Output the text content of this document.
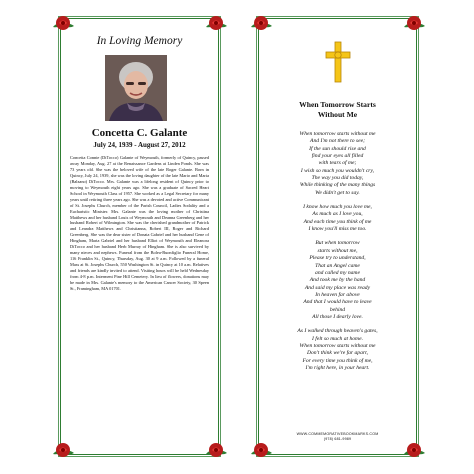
In Loving Memory
Concetta C. Galante
July 24, 1939 - August 27, 2012
Concetta Connie (DiTocco) Galante of Weymouth, formerly of Quincy, passed away Monday, Aug. 27 at the Renaissance Gardens at Linden Ponds. She was 73 years old. She was the beloved wife of the late Roger Galante. Born in Quincy, July 24, 1939, she was the loving daughter of the late Mario and Maria (Balzano) DiTocco. Mrs. Galante was a lifelong resident of Quincy prior to moving to Weymouth eight years ago. She was a graduate of Sacred Heart School in Weymouth Class of 1957. She worked as a Legal Secretary for many years until retiring three years ago. She was a devoted and active Communicant of St. Josephs Church, member of the Parish Council, Ladies Sodality and a Eucharistic Minister. Mrs. Galante was the loving mother of Christina Matthews and her husband Louis of Weymouth and Deanna Greenberg and her husband Robert of Wilmington. She was the cherished grandmother of Patrick and Leandra Matthews and Christianna, Robert III, Roger and Richard Greenberg. She was the dear sister of Donata Gabriel and her husband Gene of Hingham, Maria Gabriel and her husband Elliot of Weymouth and Eleanora DiTocco and her husband Herb Murray of Hingham. She is also survived by many nieces and nephews. Funeral from the Bolea-Buonfiglio Funeral Home, 116 Franklin St., Quincy, Thursday, Aug. 30 at 9 a.m. Followed by a funeral Mass at St. Josephs Church, 550 Washington St. in Quincy at 10 a.m. Relatives and friends are kindly invited to attend. Visiting hours will be held Wednesday from 4-8 p.m. Interment Pine Hill Cemetery. In lieu of flowers, donations may be made in Mrs. Galante's memory to the American Cancer Society, 30 Speen St., Framingham, MA 01701.
When Tomorrow Starts
Without Me
When tomorrow starts without me
And I'm not there to see;
If the sun should rise and
find your eyes all filled
with tears of me;
I wish so much you wouldn't cry,
The way you did today,
While thinking of the many things
We didn't get to say.
I know how much you love me,
As much as I love you,
And each time you think of me
I know you'll miss me too.
But when tomorrow
starts without me,
Please try to understand,
That an Angel came
and called my name
And took me by the hand
And said my place was ready
In heaven far above
And that I would have to leave
behind
All those I dearly love.
As I walked through heaven's gates,
I felt so much at home.
When tomorrow starts without me
Don't think we're far apart,
For every time you think of me,
I'm right here, in your heart.
WWW.COMMEMORATIVEBOOKMARKS.COM
(978) 681-9989
